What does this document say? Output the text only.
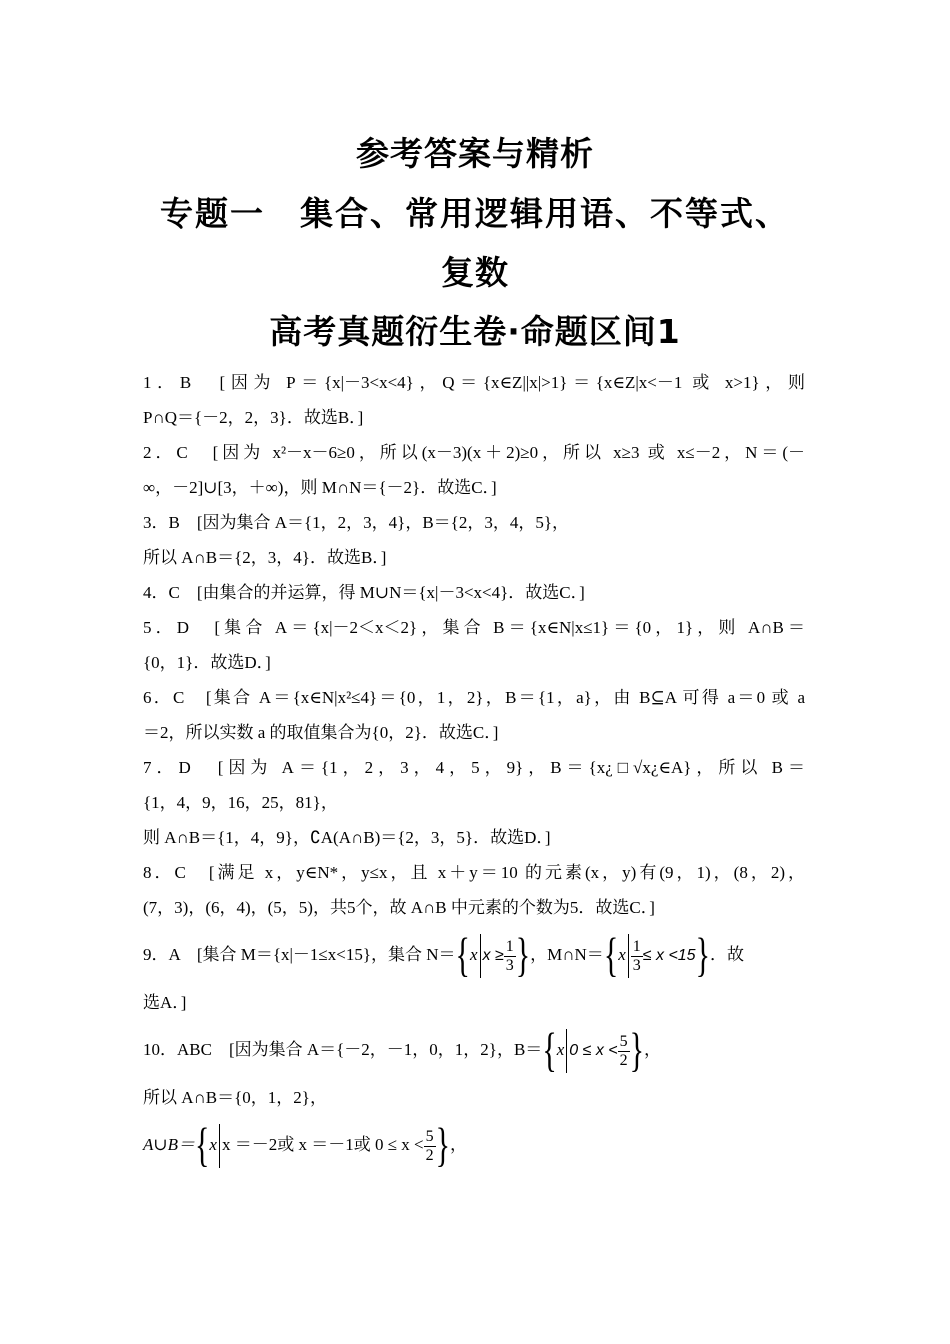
参考答案与精析
专题一　集合、常用逻辑用语、不等式、
复数
高考真题衍生卷·命题区间1
1．B　[因为 P＝{x|－3<x<4}，Q＝{x∈Z||x|>1}＝{x∈Z|x<－1 或 x>1}，则
P∩Q＝{－2，2，3}．故选B．]
2．C　[因为 x²－x－6≥0，所以(x－3)(x＋2)≥0，所以 x≥3 或 x≤－2，N＝(－
∞，－2]∪[3，＋∞)，则 M∩N＝{－2}．故选C．]
3．B　[因为集合 A＝{1，2，3，4}，B＝{2，3，4，5}，
所以 A∩B＝{2，3，4}．故选B．]
4．C　[由集合的并运算，得 M∪N＝{x|－3<x<4}．故选C．]
5．D　[集合 A＝{x|－2＜x＜2}，集合 B＝{x∈N|x≤1}＝{0，1}，则 A∩B＝
{0，1}．故选D．]
6．C　[集合 A＝{x∈N|x²≤4}＝{0，1，2}，B＝{1，a}，由 B⊆A 可得 a＝0 或 a
＝2，所以实数 a 的取值集合为{0，2}．故选C．]
7．D　[因为 A＝{1，2，3，4，5，9}，B＝{x¿□√x¿∈A}，所以 B＝
{1，4，9，16，25，81}，
则 A∩B＝{1，4，9}，∁A(A∩B)＝{2，3，5}．故选D．]
8．C　[满足 x，y∈N*，y≤x，且 x＋y＝10 的元素(x，y)有(9，1)，(8，2)，
(7，3)，(6，4)，(5，5)，共5个，故 A∩B 中元素的个数为5．故选C．]
9．A　[集合 M＝{x|－1≤x<15}，集合 N＝{x $x \ge \frac{1}{3}$ }，M∩N＝{x $\frac{1}{3} \le x <15$}．故
选A．]
10．ABC　[因为集合 A＝{－2，－1，0，1，2}，B＝{x $0 \le x < \frac{5}{2}$ }，
所以 A∩B＝{0，1，2}，
A∪B＝{x x ＝－2或 x ＝－1或 $0 \le x < \frac{5}{2}$ }，
